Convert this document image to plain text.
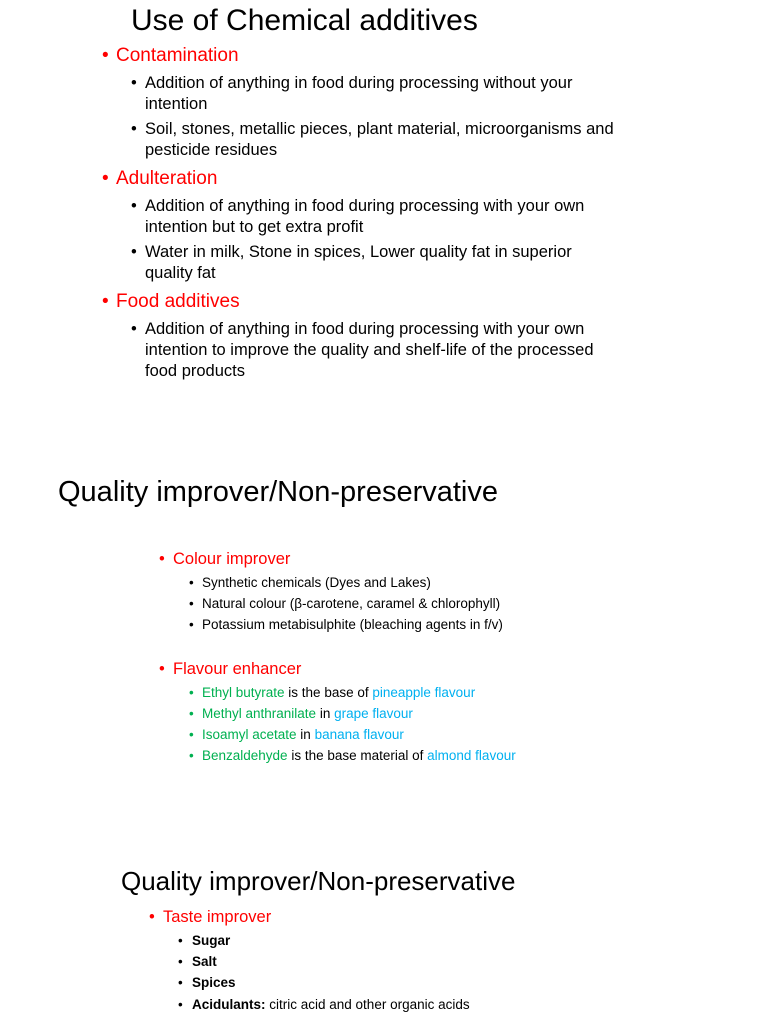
Use of Chemical additives
• Contamination
• Addition of anything in food during processing without your
intention
• Soil, stones, metallic pieces, plant material, microorganisms and
pesticide residues
• Adulteration
• Addition of anything in food during processing with your own
intention but to get extra profit
• Water in milk, Stone in spices, Lower quality fat in superior
quality fat
• Food additives
• Addition of anything in food during processing with your own
intention to improve the quality and shelf-life of the processed
food products
Quality improver/Non-preservative
• Colour improver
• Synthetic chemicals (Dyes and Lakes)
• Natural colour (β-carotene, caramel & chlorophyll)
• Potassium metabisulphite (bleaching agents in f/v)
• Flavour enhancer
• Ethyl butyrate is the base of pineapple flavour
• Methyl anthranilate in grape flavour
• Isoamyl acetate in banana flavour
• Benzaldehyde is the base material of almond flavour
Quality improver/Non-preservative
• Taste improver
• Sugar
• Salt
• Spices
• Acidulants: citric acid and other organic acids
